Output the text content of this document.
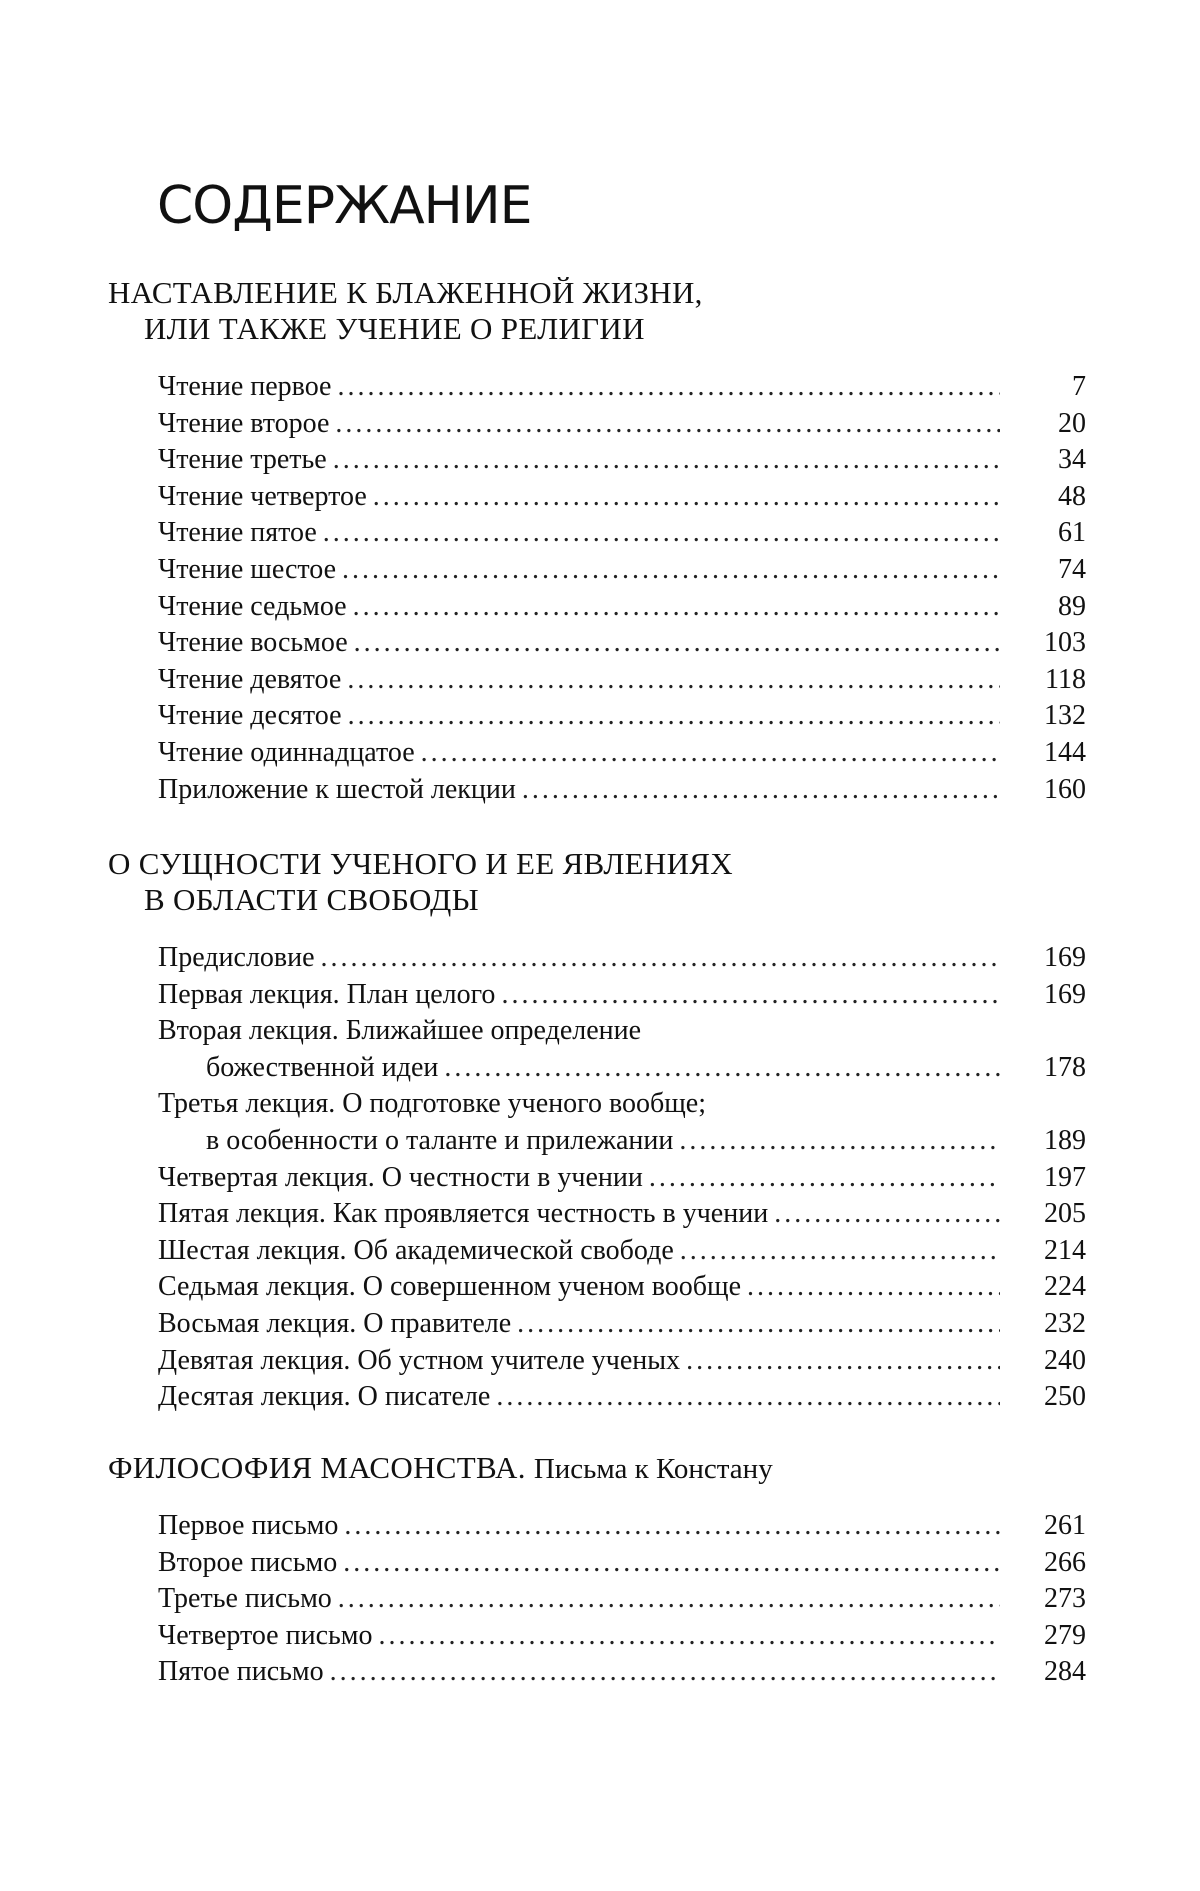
СОДЕРЖАНИЕ
НАСТАВЛЕНИЕ К БЛАЖЕННОЙ ЖИЗНИ,
ИЛИ ТАКЖЕ УЧЕНИЕ О РЕЛИГИИ
Чтение первое . . .	7
Чтение второе . . .	20
Чтение третье . . .	34
Чтение четвертое . . .	48
Чтение пятое . . .	61
Чтение шестое . . .	74
Чтение седьмое . . .	89
Чтение восьмое . . .	103
Чтение девятое . . .	118
Чтение десятое . . .	132
Чтение одиннадцатое . . .	144
Приложение к шестой лекции . . .	160
О СУЩНОСТИ УЧЕНОГО И ЕЕ ЯВЛЕНИЯХ
В ОБЛАСТИ СВОБОДЫ
Предисловие . . .	169
Первая лекция. План целого . . .	169
Вторая лекция. Ближайшее определение
божественной идеи . . .	178
Третья лекция. О подготовке ученого вообще;
в особенности о таланте и прилежании . . .	189
Четвертая лекция. О честности в учении . . .	197
Пятая лекция. Как проявляется честность в учении . . .	205
Шестая лекция. Об академической свободе . . .	214
Седьмая лекция. О совершенном ученом вообще . . .	224
Восьмая лекция. О правителе . . .	232
Девятая лекция. Об устном учителе ученых . . .	240
Десятая лекция. О писателе . . .	250
ФИЛОСОФИЯ МАСОНСТВА. Письма к Констану
Первое письмо . . .	261
Второе письмо . . .	266
Третье письмо . . .	273
Четвертое письмо . . .	279
Пятое письмо . . .	284
